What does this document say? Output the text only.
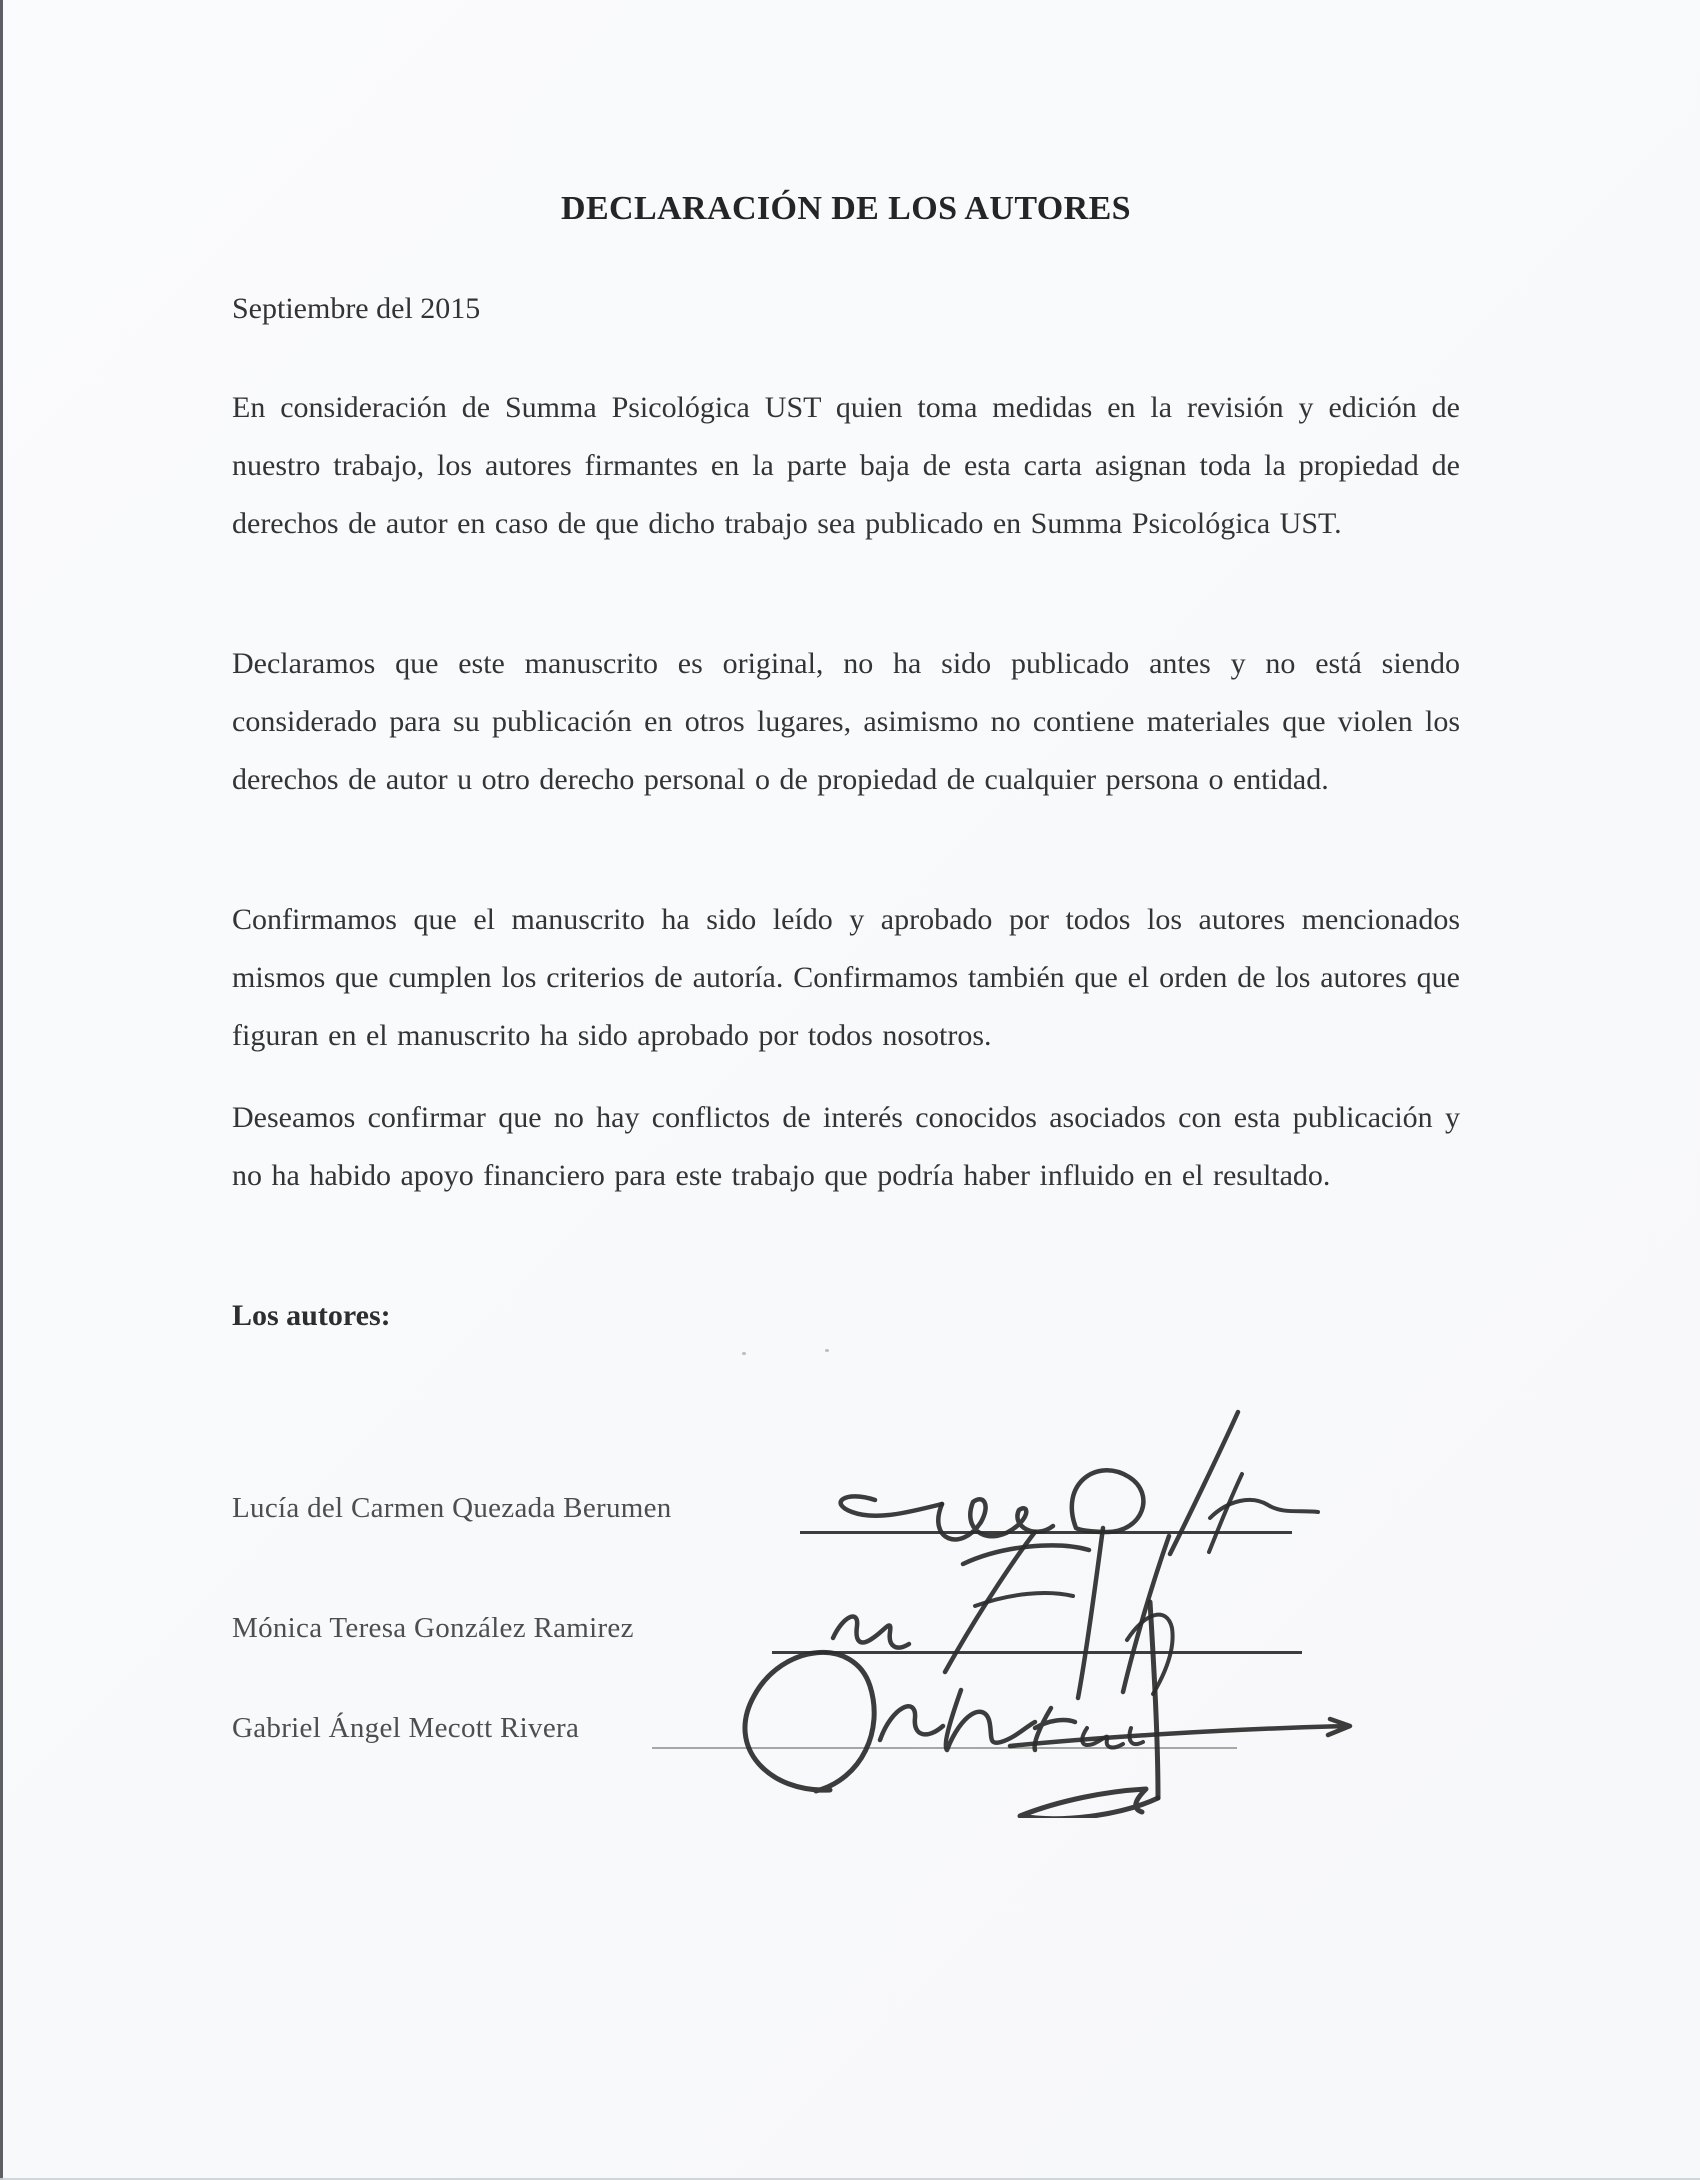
DECLARACIÓN DE LOS AUTORES
Septiembre del 2015
En consideración de Summa Psicológica UST quien toma medidas en la revisión y edición de nuestro trabajo, los autores firmantes en la parte baja de esta carta asignan toda la propiedad de derechos de autor en caso de que dicho trabajo sea publicado en Summa Psicológica UST.
Declaramos que este manuscrito es original, no ha sido publicado antes y no está siendo considerado para su publicación en otros lugares, asimismo no contiene materiales que violen los derechos de autor u otro derecho personal o de propiedad de cualquier persona o entidad.
Confirmamos que el manuscrito ha sido leído y aprobado por todos los autores mencionados mismos que cumplen los criterios de autoría. Confirmamos también que el orden de los autores que figuran en el manuscrito ha sido aprobado por todos nosotros.
Deseamos confirmar que no hay conflictos de interés conocidos asociados con esta publicación y no ha habido apoyo financiero para este trabajo que podría haber influido en el resultado.
Los autores:
Lucía del Carmen Quezada Berumen
Mónica Teresa González Ramirez
Gabriel Ángel Mecott Rivera
